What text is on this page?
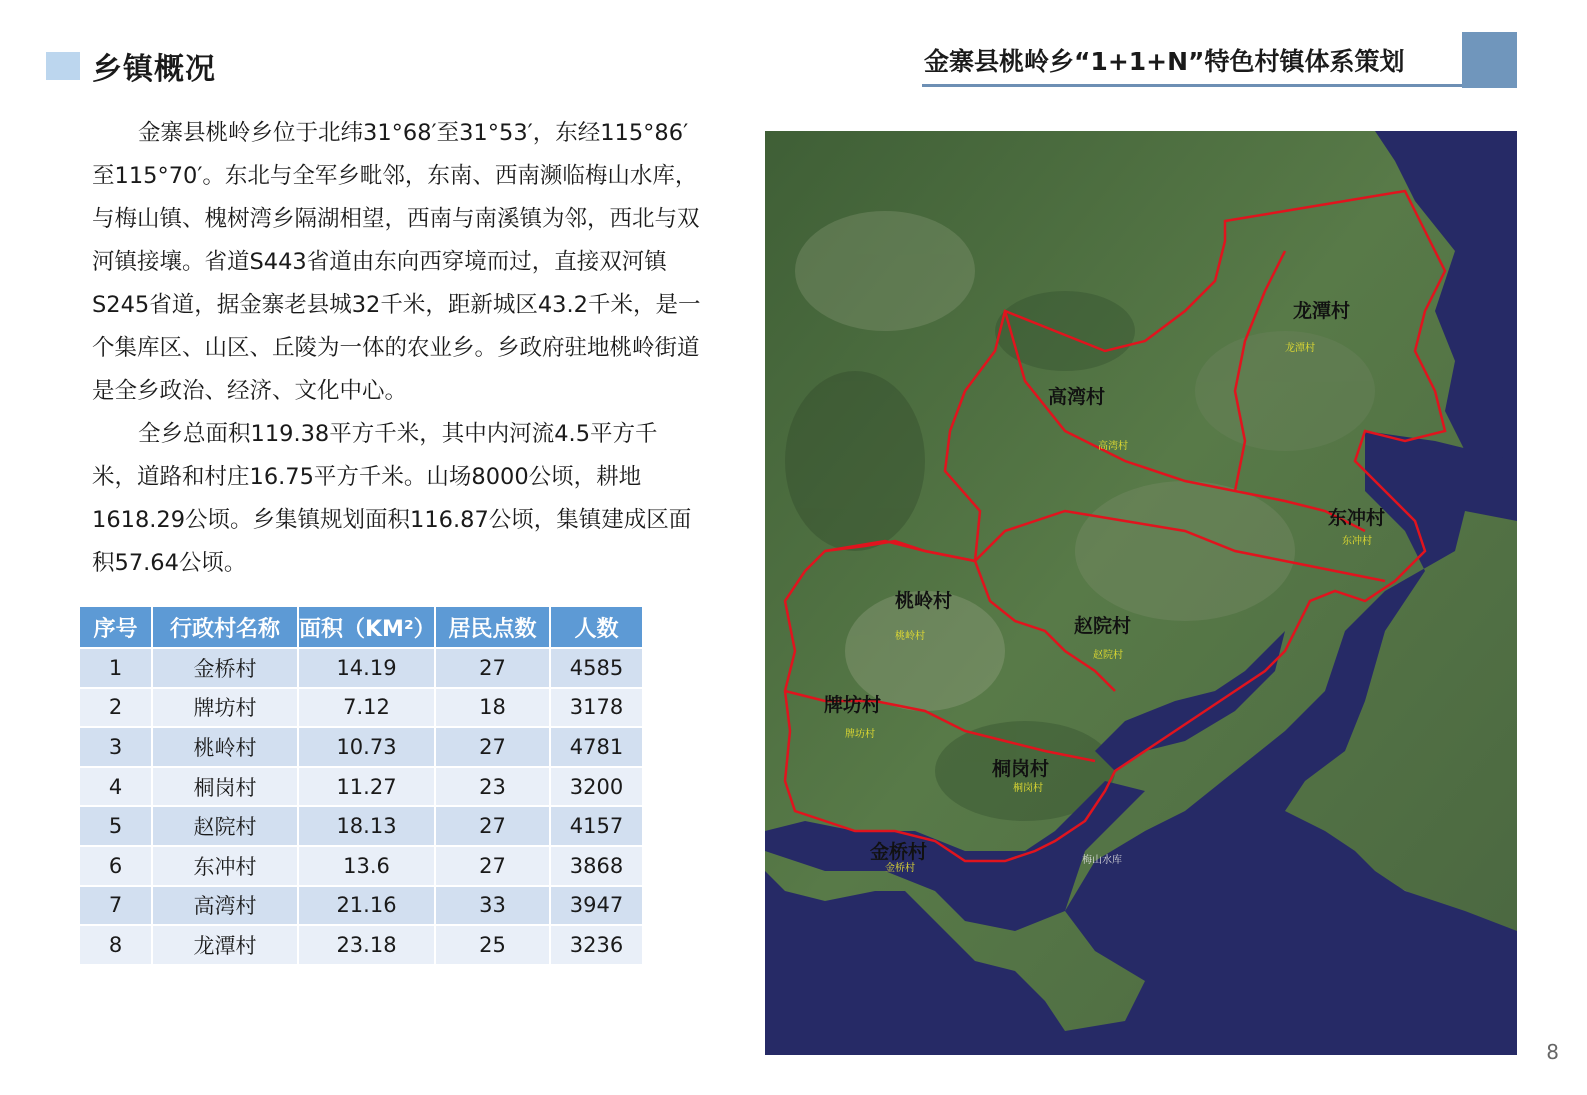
乡镇概况	金寨县桃岭乡“1+1+N”特色村镇体系策划

金寨县桃岭乡位于北纬31°68′至31°53′，东经115°86′至115°70′。东北与全军乡毗邻，东南、西南濒临梅山水库，与梅山镇、槐树湾乡隔湖相望，西南与南溪镇为邻，西北与双河镇接壤。省道S443省道由东向西穿境而过，直接双河镇S245省道，据金寨老县城32千米，距新城区43.2千米，是一个集库区、山区、丘陵为一体的农业乡。乡政府驻地桃岭街道是全乡政治、经济、文化中心。

全乡总面积119.38平方千米，其中内河流4.5平方千米，道路和村庄16.75平方千米。山场8000公顷，耕地1618.29公顷。乡集镇规划面积116.87公顷，集镇建成区面积57.64公顷。

序号	行政村名称	面积（KM²）	居民点数	人数
1	金桥村	14.19	27	4585
2	牌坊村	7.12	18	3178
3	桃岭村	10.73	27	4781
4	桐岗村	11.27	23	3200
5	赵院村	18.13	27	4157
6	东冲村	13.6	27	3868
7	高湾村	21.16	33	3947
8	龙潭村	23.18	25	3236
龙潭村
高湾村
东冲村
桃岭村
赵院村
牌坊村
桐岗村
金桥村
龙潭村
高湾村
东冲村
桃岭村
赵院村
牌坊村
桐岗村
金桥村
梅山水库
8
